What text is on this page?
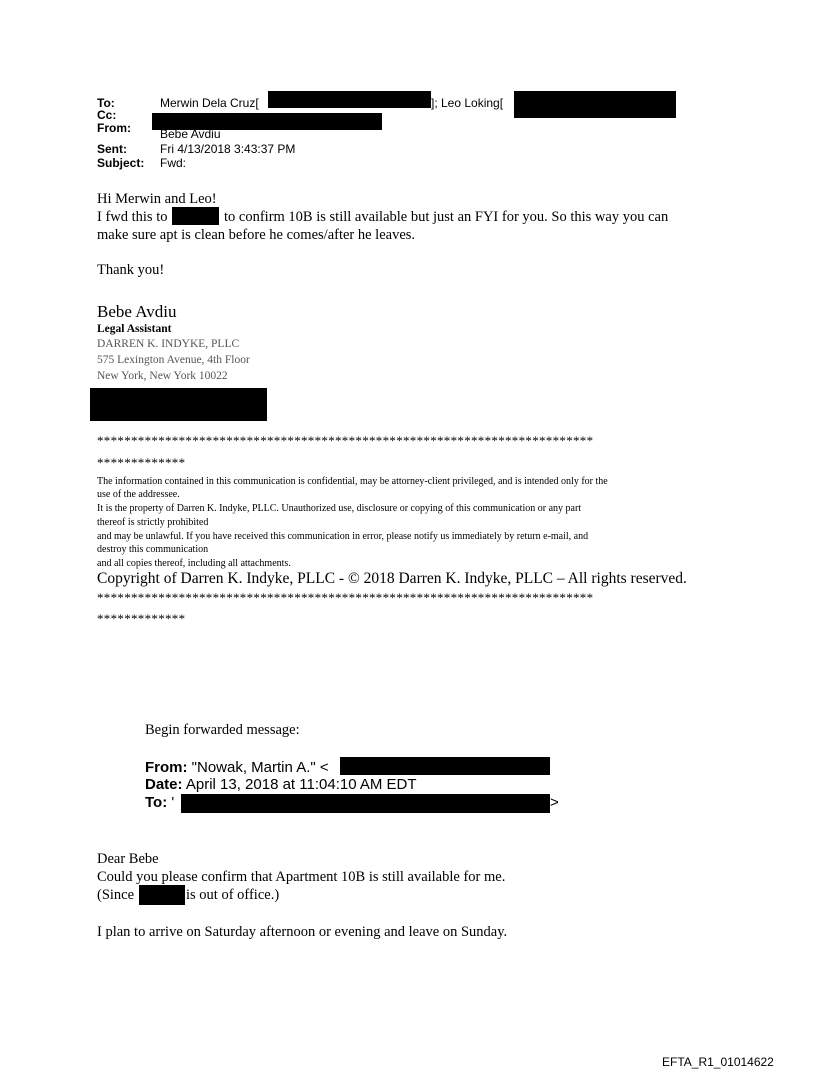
To:	Merwin Dela Cruz[	]; Leo Loking[
Cc:
From: Bebe Avdiu
Sent:	Fri 4/13/2018 3:43:37 PM
Subject: Fwd:
Hi Merwin and Leo!
I fwd this to	to confirm 10B is still available but just an FYI for you. So this way you can
make sure apt is clean before he comes/after he leaves.
Thank you!
Bebe Avdiu
Legal Assistant
DARREN K. INDYKE, PLLC
575 Lexington Avenue, 4th Floor
New York, New York 10022
*************************************************************************
*************
The information contained in this communication is confidential, may be attorney-client privileged, and is intended only for the
use of the addressee.
It is the property of Darren K. Indyke, PLLC. Unauthorized use, disclosure or copying of this communication or any part
thereof is strictly prohibited
and may be unlawful. If you have received this communication in error, please notify us immediately by return e-mail, and
destroy this communication
and all copies thereof, including all attachments.
Copyright of Darren K. Indyke, PLLC - © 2018 Darren K. Indyke, PLLC – All rights reserved.
*************************************************************************
*************
Begin forwarded message:
From: "Nowak, Martin A." <
Date: April 13, 2018 at 11:04:10 AM EDT
To: '	>
Dear Bebe
Could you please confirm that Apartment 10B is still available for me.
(Since	is out of office.)
I plan to arrive on Saturday afternoon or evening and leave on Sunday.
EFTA_R1_01014622
